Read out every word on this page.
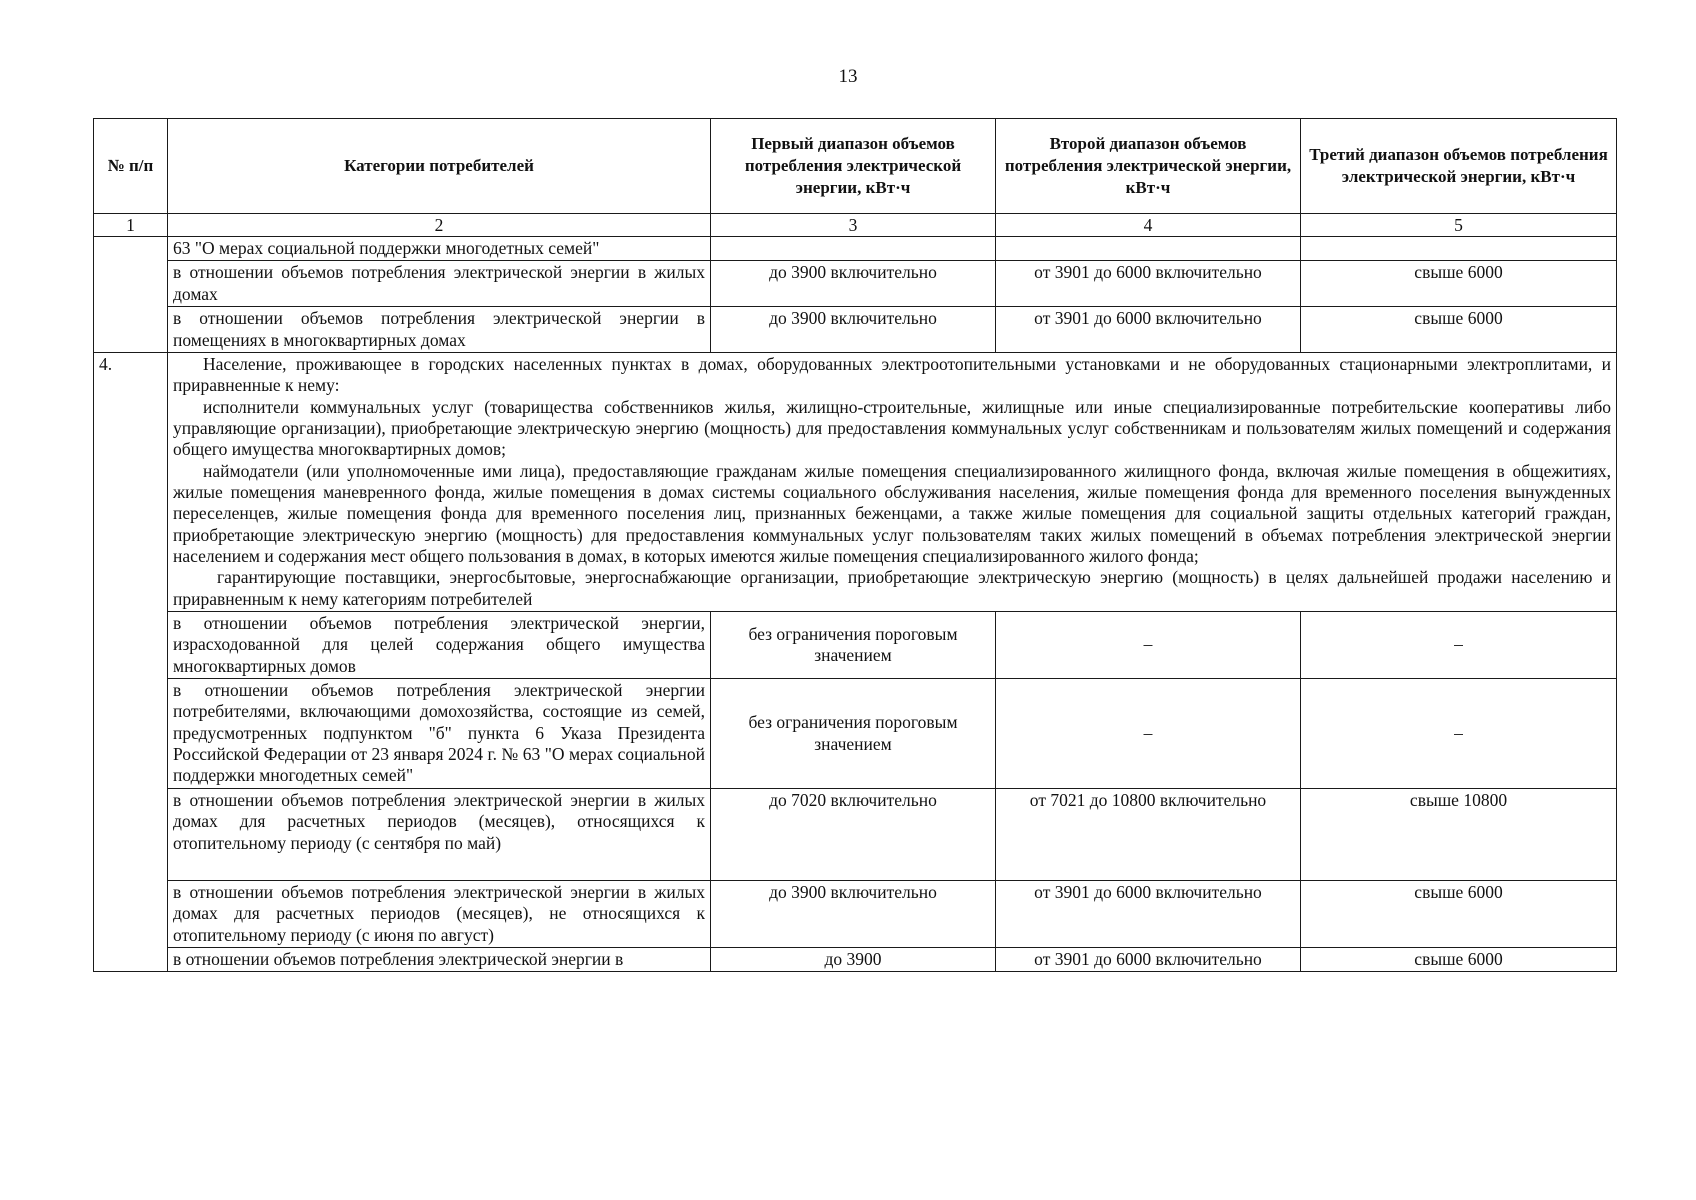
13
№ п/п	Категории потребителей	Первый диапазон объемов потребления электрической энергии, кВт·ч	Второй диапазон объемов потребления электрической энергии, кВт·ч	Третий диапазон объемов потребления электрической энергии, кВт·ч
1	2	3	4	5
	63 "О мерах социальной поддержки многодетных семей"			
	в отношении объемов потребления электрической энергии в жилых домах	до 3900 включительно	от 3901 до 6000 включительно	свыше 6000
	в отношении объемов потребления электрической энергии в помещениях в многоквартирных домах	до 3900 включительно	от 3901 до 6000 включительно	свыше 6000
4.	Население, проживающее в городских населенных пунктах в домах, оборудованных электроотопительными установками и не оборудованных стационарными электроплитами, и приравненные к нему:

исполнители коммунальных услуг (товарищества собственников жилья, жилищно-строительные, жилищные или иные специализированные потребительские кооперативы либо управляющие организации), приобретающие электрическую энергию (мощность) для предоставления коммунальных услуг собственникам и пользователям жилых помещений и содержания общего имущества многоквартирных домов;

наймодатели (или уполномоченные ими лица), предоставляющие гражданам жилые помещения специализированного жилищного фонда, включая жилые помещения в общежитиях, жилые помещения маневренного фонда, жилые помещения в домах системы социального обслуживания населения, жилые помещения фонда для временного поселения вынужденных переселенцев, жилые помещения фонда для временного поселения лиц, признанных беженцами, а также жилые помещения для социальной защиты отдельных категорий граждан, приобретающие электрическую энергию (мощность) для предоставления коммунальных услуг пользователям таких жилых помещений в объемах потребления электрической энергии населением и содержания мест общего пользования в домах, в которых имеются жилые помещения специализированного жилого фонда;

гарантирующие поставщики, энергосбытовые, энергоснабжающие организации, приобретающие электрическую энергию (мощность) в целях дальнейшей продажи населению и приравненным к нему категориям потребителей			

	в отношении объемов потребления электрической энергии, израсходованной для целей содержания общего имущества многоквартирных домов	без ограничения пороговым значением	–	–
	в отношении объемов потребления электрической энергии потребителями, включающими домохозяйства, состоящие из семей, предусмотренных подпунктом "б" пункта 6 Указа Президента Российской Федерации от 23 января 2024 г. № 63 "О мерах социальной поддержки многодетных семей"	без ограничения пороговым значением	–	–
	в отношении объемов потребления электрической энергии в жилых домах для расчетных периодов (месяцев), относящихся к отопительному периоду (с сентября по май)	до 7020 включительно	от 7021 до 10800 включительно	свыше 10800
	в отношении объемов потребления электрической энергии в жилых домах для расчетных периодов (месяцев), не относящихся к отопительному периоду (с июня по август)	до 3900 включительно	от 3901 до 6000 включительно	свыше 6000
	в отношении объемов потребления электрической энергии в	до 3900	от 3901 до 6000 включительно	свыше 6000
